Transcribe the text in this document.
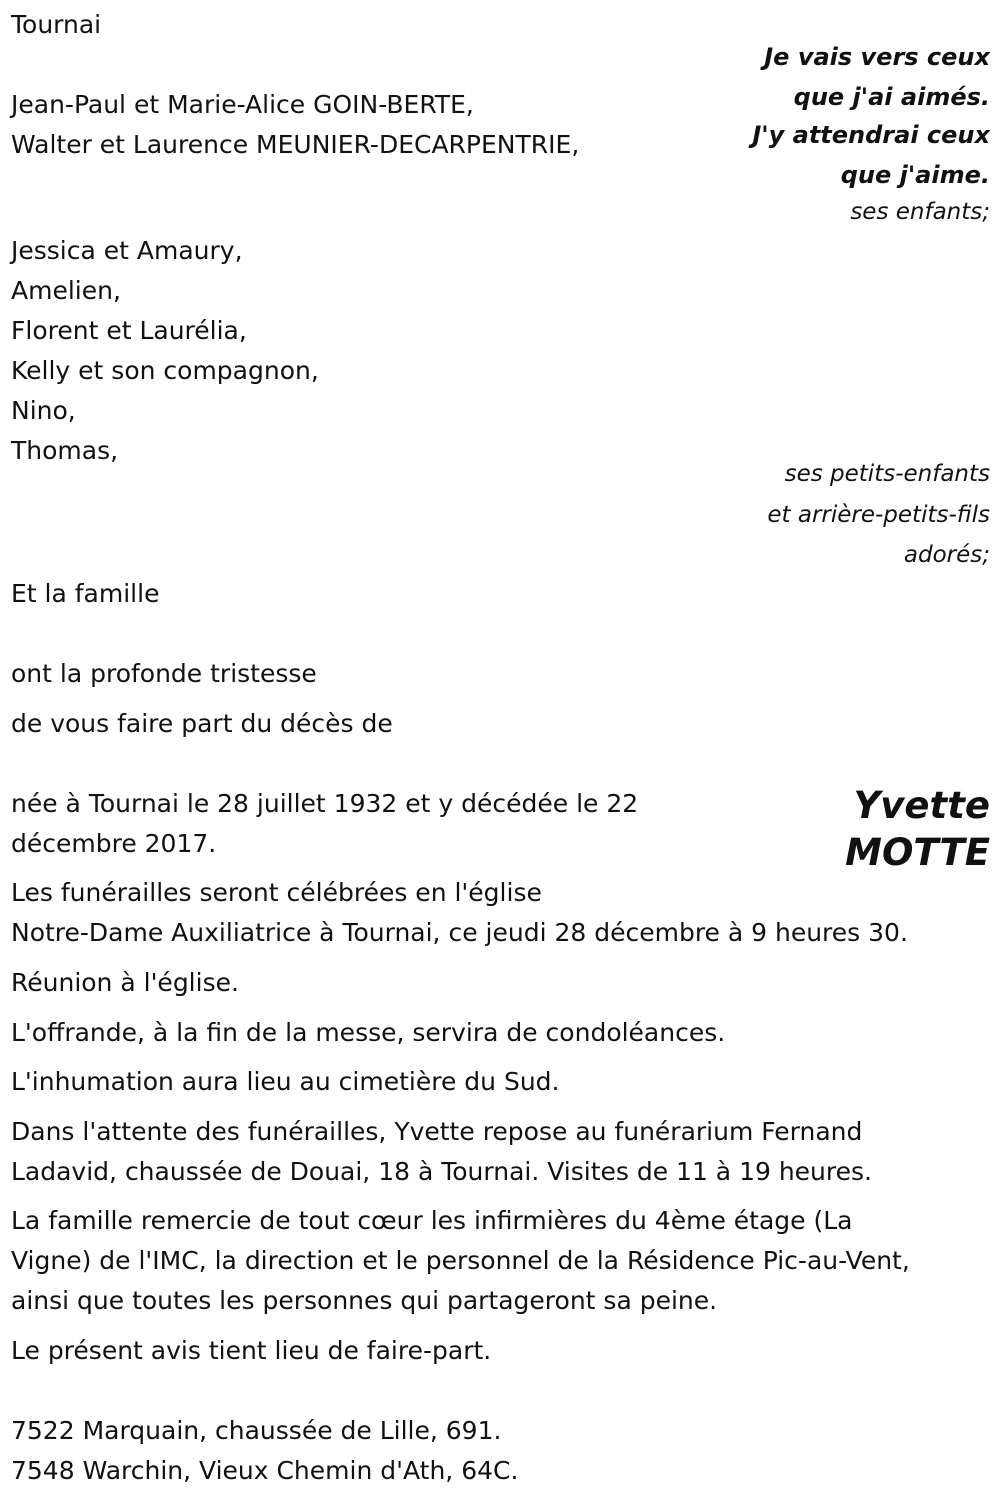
Tournai
Je vais vers ceux
que j'ai aimés.
J'y attendrai ceux
que j'aime.
Jean-Paul et Marie-Alice GOIN-BERTE,
Walter et Laurence MEUNIER-DECARPENTRIE,
ses enfants;
Jessica et Amaury,
Amelien,
Florent et Laurélia,
Kelly et son compagnon,
Nino,
Thomas,
ses petits-enfants
et arrière-petits-fils
adorés;
Et la famille
ont la profonde tristesse
de vous faire part du décès de
Yvette
MOTTE
née à Tournai le 28 juillet 1932 et y décédée le 22
décembre 2017.
Les funérailles seront célébrées en l'église
Notre-Dame Auxiliatrice à Tournai, ce jeudi 28 décembre à 9 heures 30.
Réunion à l'église.
L'offrande, à la fin de la messe, servira de condoléances.
L'inhumation aura lieu au cimetière du Sud.
Dans l'attente des funérailles, Yvette repose au funérarium Fernand
Ladavid, chaussée de Douai, 18 à Tournai. Visites de 11 à 19 heures.
La famille remercie de tout cœur les infirmières du 4ème étage (La
Vigne) de l'IMC, la direction et le personnel de la Résidence Pic-au-Vent,
ainsi que toutes les personnes qui partageront sa peine.
Le présent avis tient lieu de faire-part.
7522 Marquain, chaussée de Lille, 691.
7548 Warchin, Vieux Chemin d'Ath, 64C.
